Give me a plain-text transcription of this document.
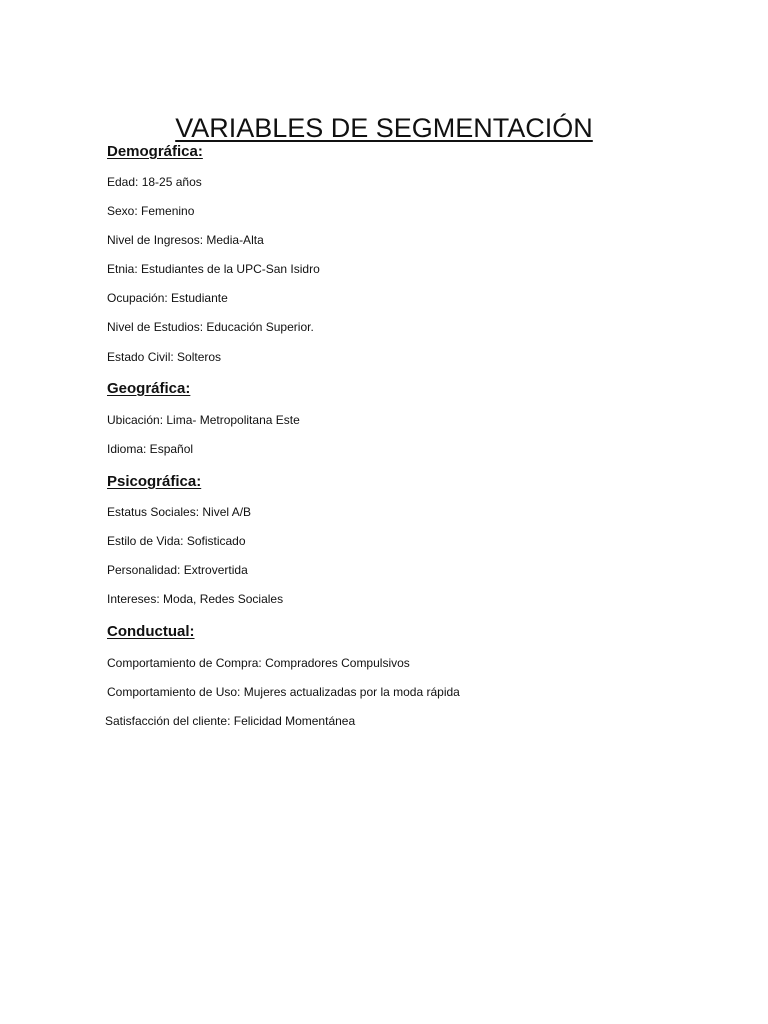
VARIABLES DE SEGMENTACIÓN

Demográfica:

Edad: 18-25 años

Sexo: Femenino

Nivel de Ingresos: Media-Alta

Etnia: Estudiantes de la UPC-San Isidro

Ocupación: Estudiante

Nivel de Estudios: Educación Superior.

Estado Civil: Solteros

Geográfica:

Ubicación: Lima- Metropolitana Este

Idioma: Español

Psicográfica:

Estatus Sociales: Nivel A/B

Estilo de Vida: Sofisticado

Personalidad: Extrovertida

Intereses: Moda, Redes Sociales

Conductual:

Comportamiento de Compra: Compradores Compulsivos

Comportamiento de Uso: Mujeres actualizadas por la moda rápida

Satisfacción del cliente: Felicidad Momentánea
